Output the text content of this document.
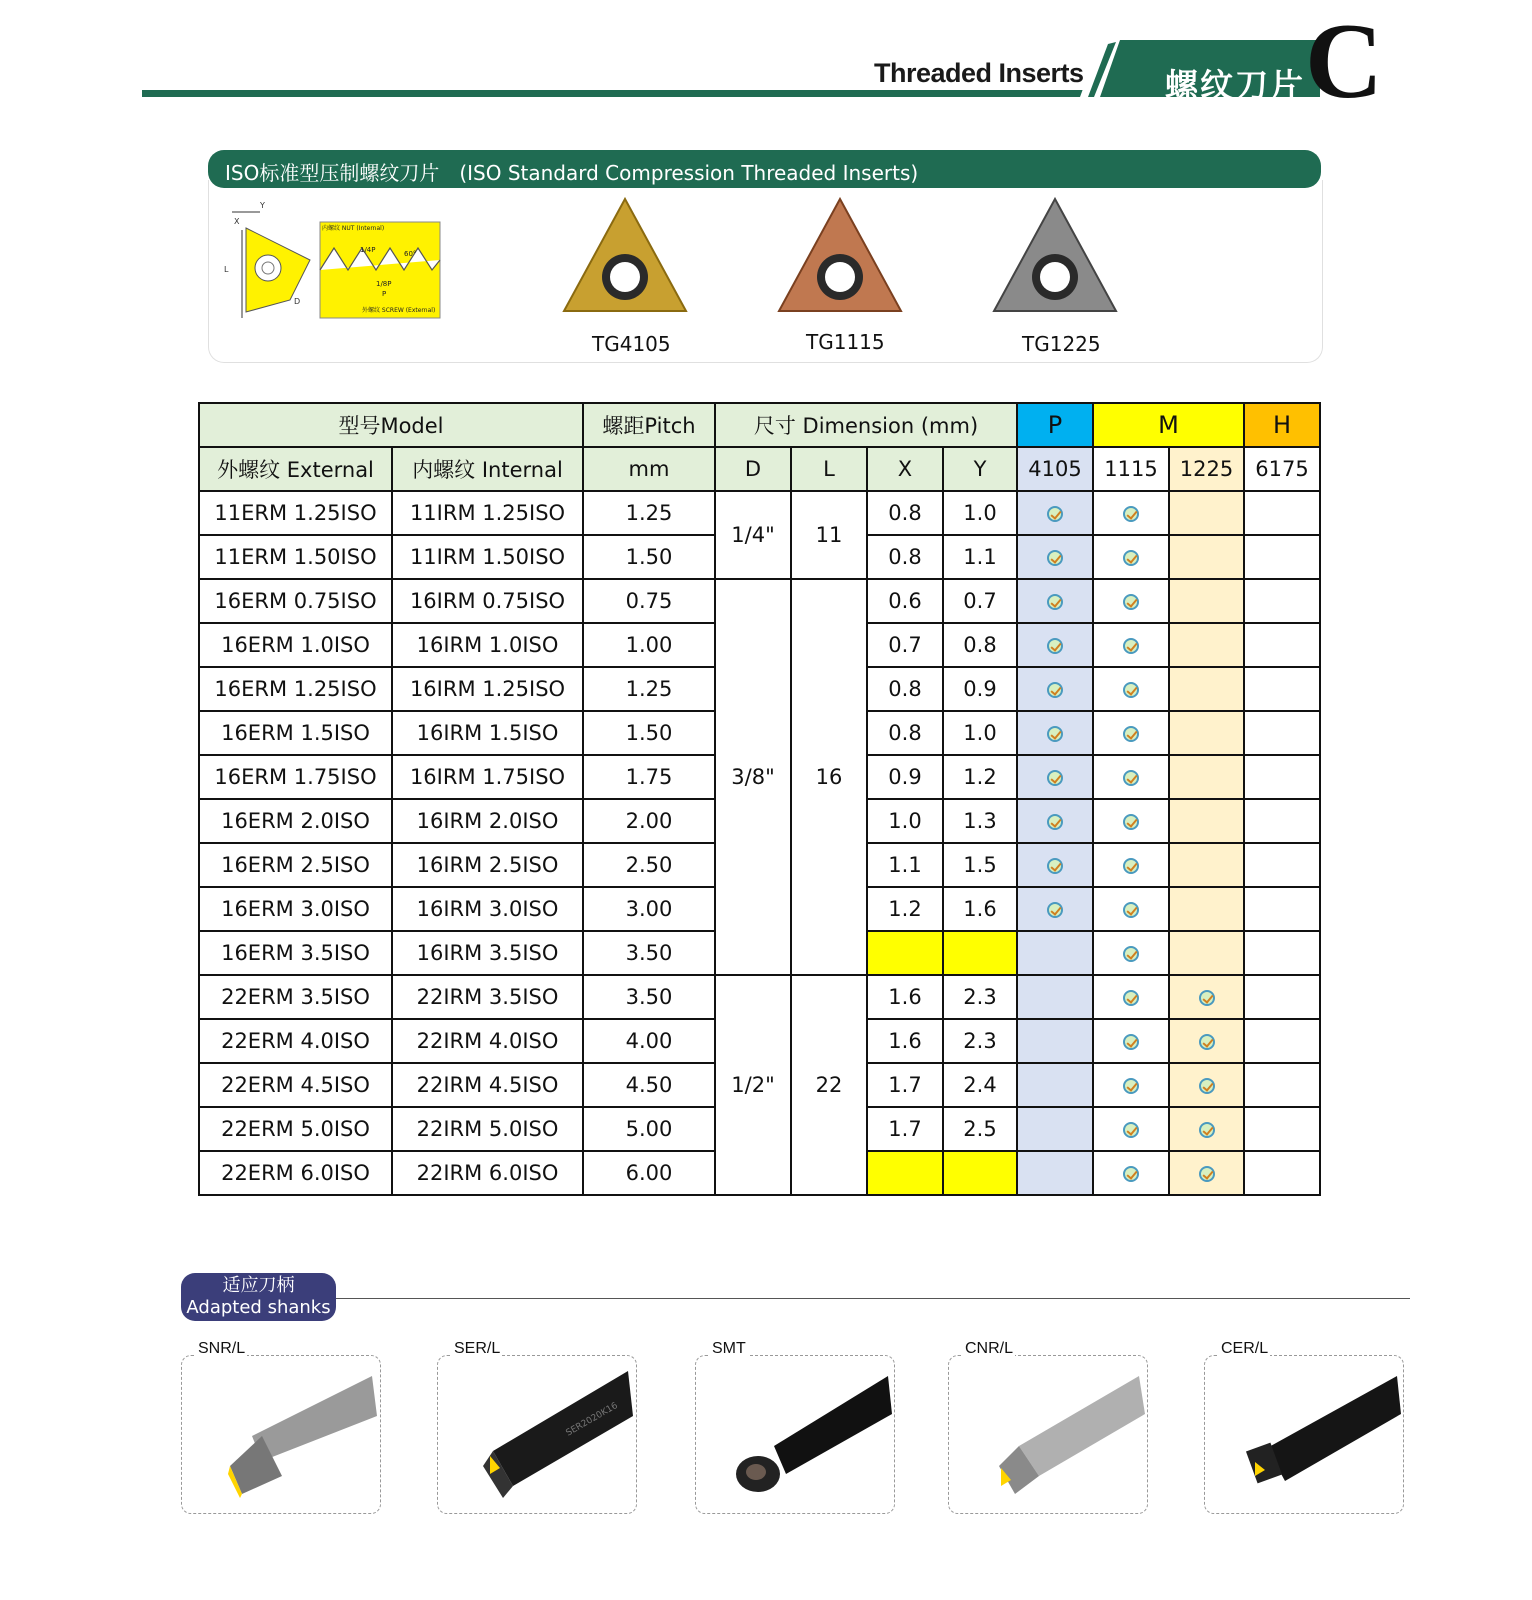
Threaded Inserts 螺纹刀片 C
ISO标准型压制螺纹刀片 (ISO Standard Compression Threaded Inserts)
X
Y
L
D
内螺纹 NUT (Internal)
1/4P	60°
1/8P
P
外螺纹 SCREW (External)
TG4105	TG1115	TG1225
型号Model		螺距Pitch	尺寸 Dimension (mm)				P	M		H
外螺纹 External	内螺纹 Internal	mm	D	L	X	Y	4105	1115	1225	6175
11ERM 1.25ISO	11IRM 1.25ISO	1.25	1/4"	11	0.8	1.0				
11ERM 1.50ISO	11IRM 1.50ISO	1.50			0.8	1.1				
16ERM 0.75ISO	16IRM 0.75ISO	0.75	3/8"	16	0.6	0.7				
16ERM 1.0ISO	16IRM 1.0ISO	1.00			0.7	0.8				
16ERM 1.25ISO	16IRM 1.25ISO	1.25			0.8	0.9				
16ERM 1.5ISO	16IRM 1.5ISO	1.50			0.8	1.0				
16ERM 1.75ISO	16IRM 1.75ISO	1.75			0.9	1.2				
16ERM 2.0ISO	16IRM 2.0ISO	2.00			1.0	1.3				
16ERM 2.5ISO	16IRM 2.5ISO	2.50			1.1	1.5				
16ERM 3.0ISO	16IRM 3.0ISO	3.00			1.2	1.6				
16ERM 3.5ISO	16IRM 3.5ISO	3.50								
22ERM 3.5ISO	22IRM 3.5ISO	3.50	1/2"	22	1.6	2.3				
22ERM 4.0ISO	22IRM 4.0ISO	4.00			1.6	2.3				
22ERM 4.5ISO	22IRM 4.5ISO	4.50			1.7	2.4				
22ERM 5.0ISO	22IRM 5.0ISO	5.00			1.7	2.5				
22ERM 6.0ISO	22IRM 6.0ISO	6.00								
适应刀柄
Adapted shanks
SNR/L
SER2020K16
SER/L	SMT	CNR/L	CER/L
